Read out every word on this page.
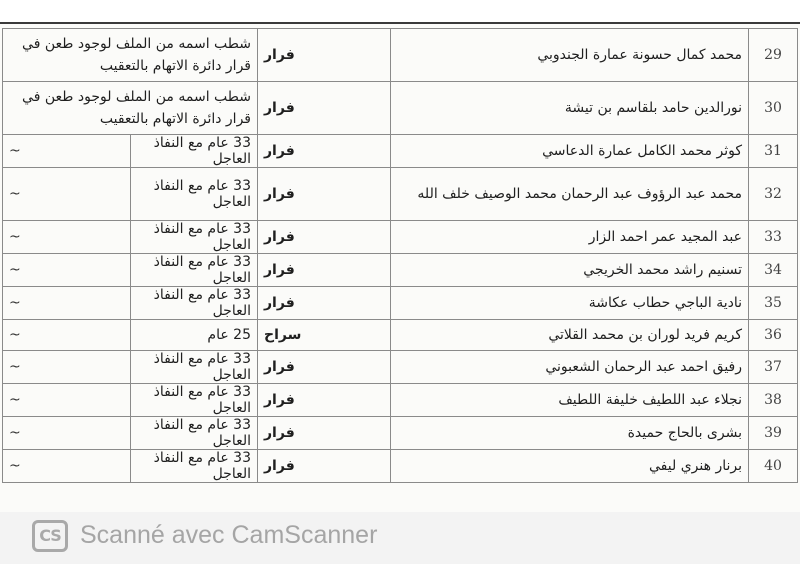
29	محمد كمال حسونة عمارة الجندوبي	فرار	شطب اسمه من الملف لوجود طعن في قرار دائرة الاتهام بالتعقيب	
30	نورالدين حامد بلقاسم بن تيشة	فرار	شطب اسمه من الملف لوجود طعن في قرار دائرة الاتهام بالتعقيب	
31	كوثر محمد الكامل عمارة الدعاسي	فرار	33 عام مع النفاذ العاجل	~
32	محمد عبد الرؤوف عبد الرحمان محمد الوصيف خلف الله	فرار	33 عام مع النفاذ العاجل	~
33	عبد المجيد عمر احمد الزار	فرار	33 عام مع النفاذ العاجل	~
34	تسنيم راشد محمد الخريجي	فرار	33 عام مع النفاذ العاجل	~
35	نادية الباجي حطاب عكاشة	فرار	33 عام مع النفاذ العاجل	~
36	كريم فريد لوران بن محمد القلاتي	سراح	25 عام	~
37	رفيق احمد عبد الرحمان الشعبوني	فرار	33 عام مع النفاذ العاجل	~
38	نجلاء عبد اللطيف خليفة اللطيف	فرار	33 عام مع النفاذ العاجل	~
39	بشرى بالحاج حميدة	فرار	33 عام مع النفاذ العاجل	~
40	برنار هنري ليفي	فرار	33 عام مع النفاذ العاجل	~
CS Scanné avec CamScanner
